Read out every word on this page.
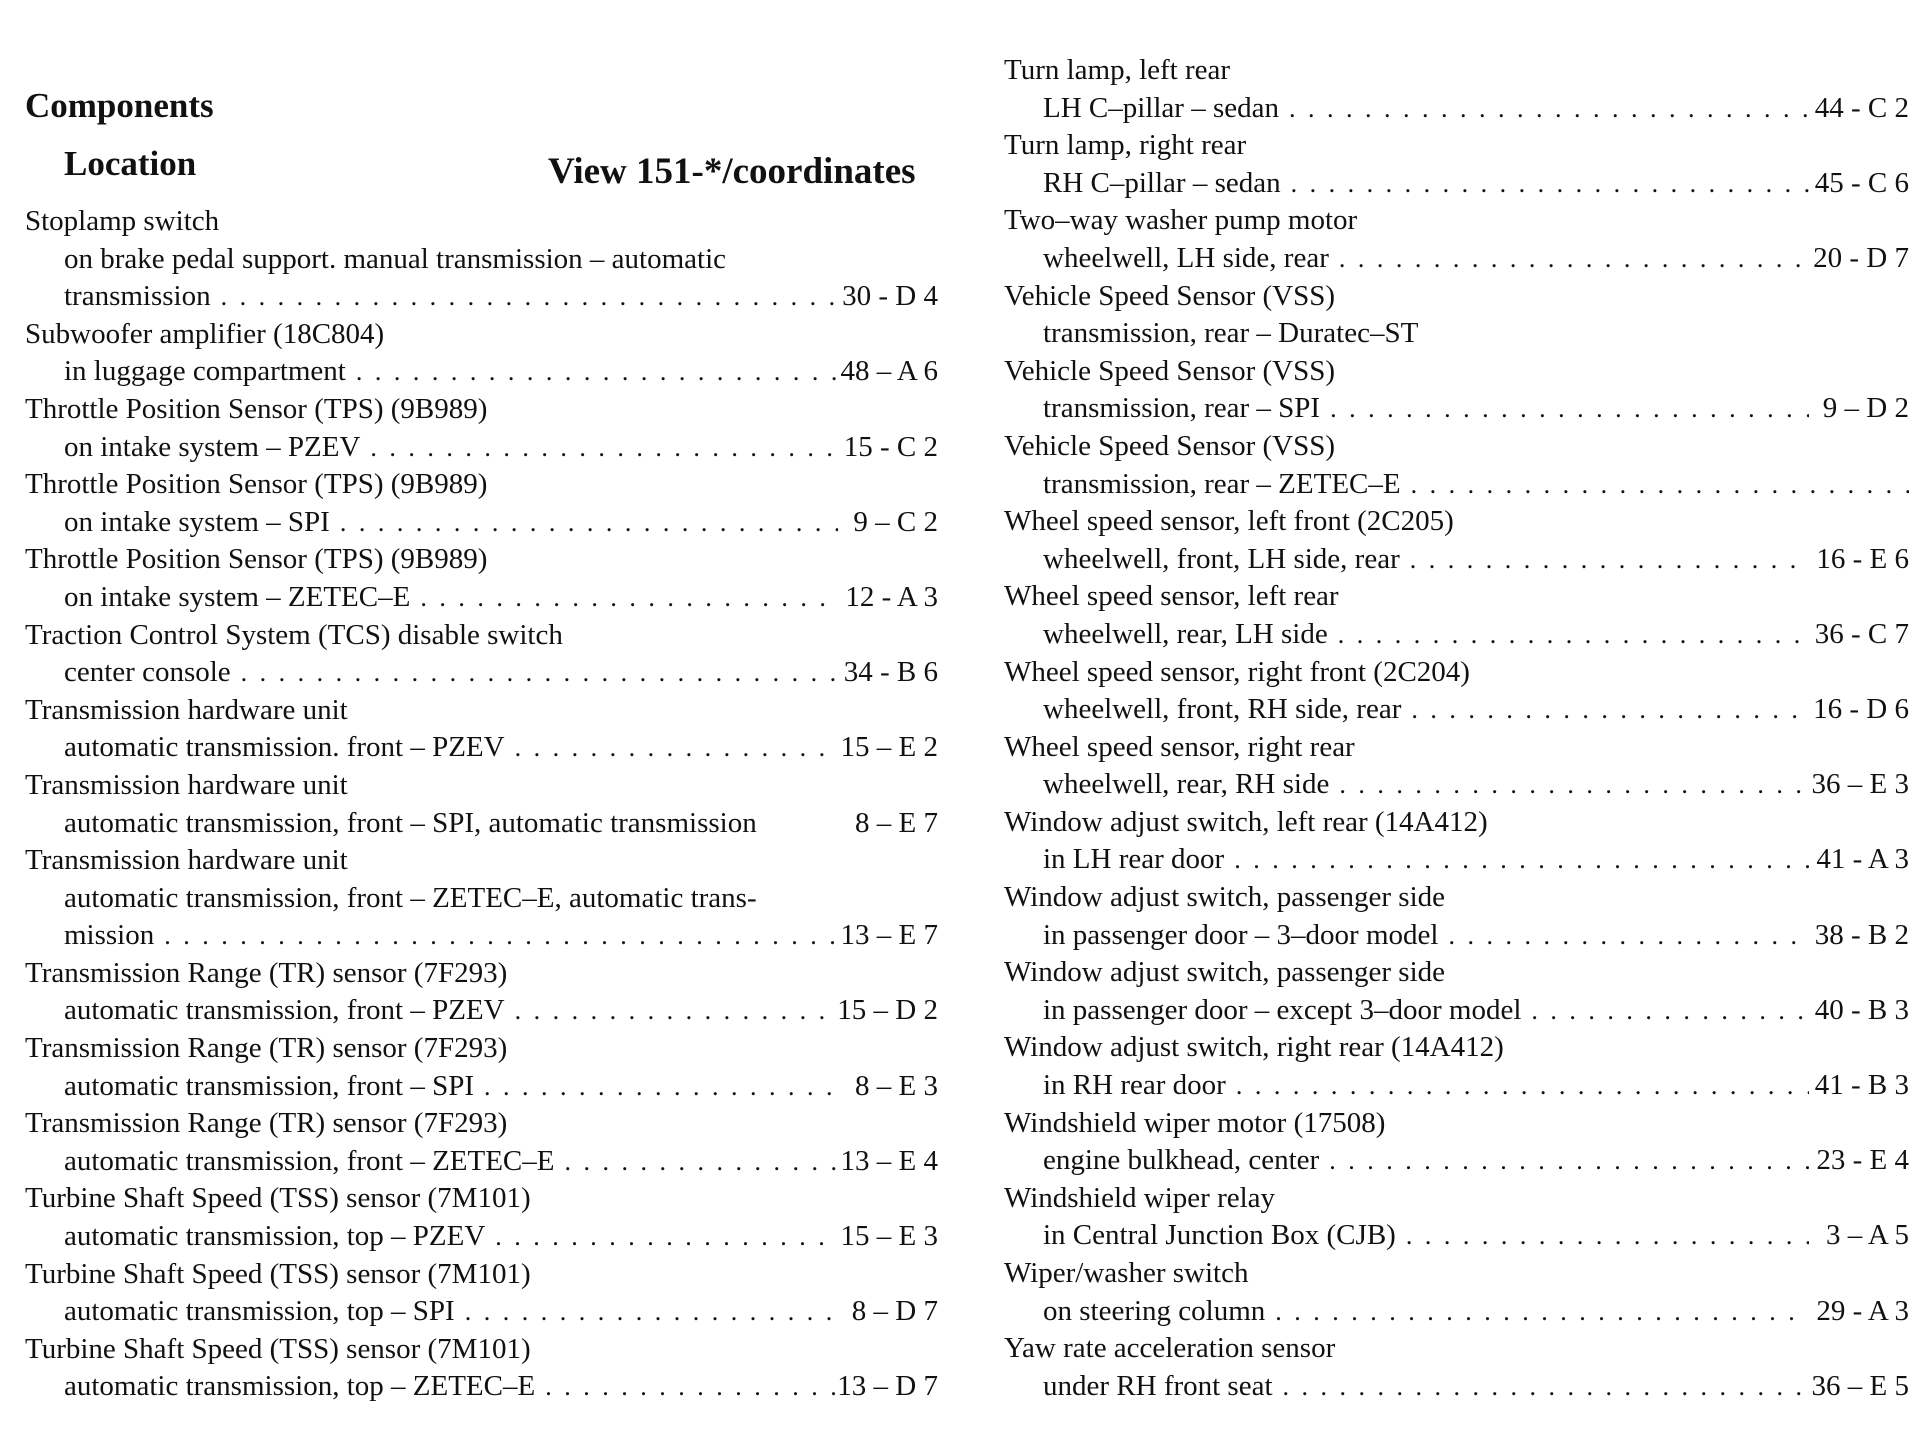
Components
Location	View 151-*/coordinates
Stoplamp switch
on brake pedal support. manual transmission – automatic
transmission . . .	30 - D 4
Subwoofer amplifier (18C804)
in luggage compartment . . .	48 – A 6
Throttle Position Sensor (TPS) (9B989)
on intake system – PZEV . . .	15 - C 2
Throttle Position Sensor (TPS) (9B989)
on intake system – SPI . . .	9 – C 2
Throttle Position Sensor (TPS) (9B989)
on intake system – ZETEC–E . . .	12 - A 3
Traction Control System (TCS) disable switch
center console . . .	34 - B 6
Transmission hardware unit
automatic transmission. front – PZEV . . .	15 – E 2
Transmission hardware unit
automatic transmission, front – SPI, automatic transmission	8 – E 7
Transmission hardware unit
automatic transmission, front – ZETEC–E, automatic trans-
mission . . .	13 – E 7
Transmission Range (TR) sensor (7F293)
automatic transmission, front – PZEV . . .	15 – D 2
Transmission Range (TR) sensor (7F293)
automatic transmission, front – SPI . . .	8 – E 3
Transmission Range (TR) sensor (7F293)
automatic transmission, front – ZETEC–E . . .	13 – E 4
Turbine Shaft Speed (TSS) sensor (7M101)
automatic transmission, top – PZEV . . .	15 – E 3
Turbine Shaft Speed (TSS) sensor (7M101)
automatic transmission, top – SPI . . .	8 – D 7
Turbine Shaft Speed (TSS) sensor (7M101)
automatic transmission, top – ZETEC–E . . .	13 – D 7
Turn lamp, left rear
LH C–pillar – sedan . . .	44 - C 2
Turn lamp, right rear
RH C–pillar – sedan . . .	45 - C 6
Two–way washer pump motor
wheelwell, LH side, rear . . .	20 - D 7
Vehicle Speed Sensor (VSS)
transmission, rear – Duratec–ST
Vehicle Speed Sensor (VSS)
transmission, rear – SPI . . .	9 – D 2
Vehicle Speed Sensor (VSS)
transmission, rear – ZETEC–E
. . .
Wheel speed sensor, left front (2C205)
wheelwell, front, LH side, rear . . .	16 - E 6
Wheel speed sensor, left rear
wheelwell, rear, LH side . . .	36 - C 7
Wheel speed sensor, right front (2C204)
wheelwell, front, RH side, rear . . .	16 - D 6
Wheel speed sensor, right rear
wheelwell, rear, RH side . . .	36 – E 3
Window adjust switch, left rear (14A412)
in LH rear door . . .	41 - A 3
Window adjust switch, passenger side
in passenger door – 3–door model . . .	38 - B 2
Window adjust switch, passenger side
in passenger door – except 3–door model . . .	40 - B 3
Window adjust switch, right rear (14A412)
in RH rear door . . .	41 - B 3
Windshield wiper motor (17508)
engine bulkhead, center . . .	23 - E 4
Windshield wiper relay
in Central Junction Box (CJB) . . .	3 – A 5
Wiper/washer switch
on steering column . . .	29 - A 3
Yaw rate acceleration sensor
under RH front seat . . .	36 – E 5
